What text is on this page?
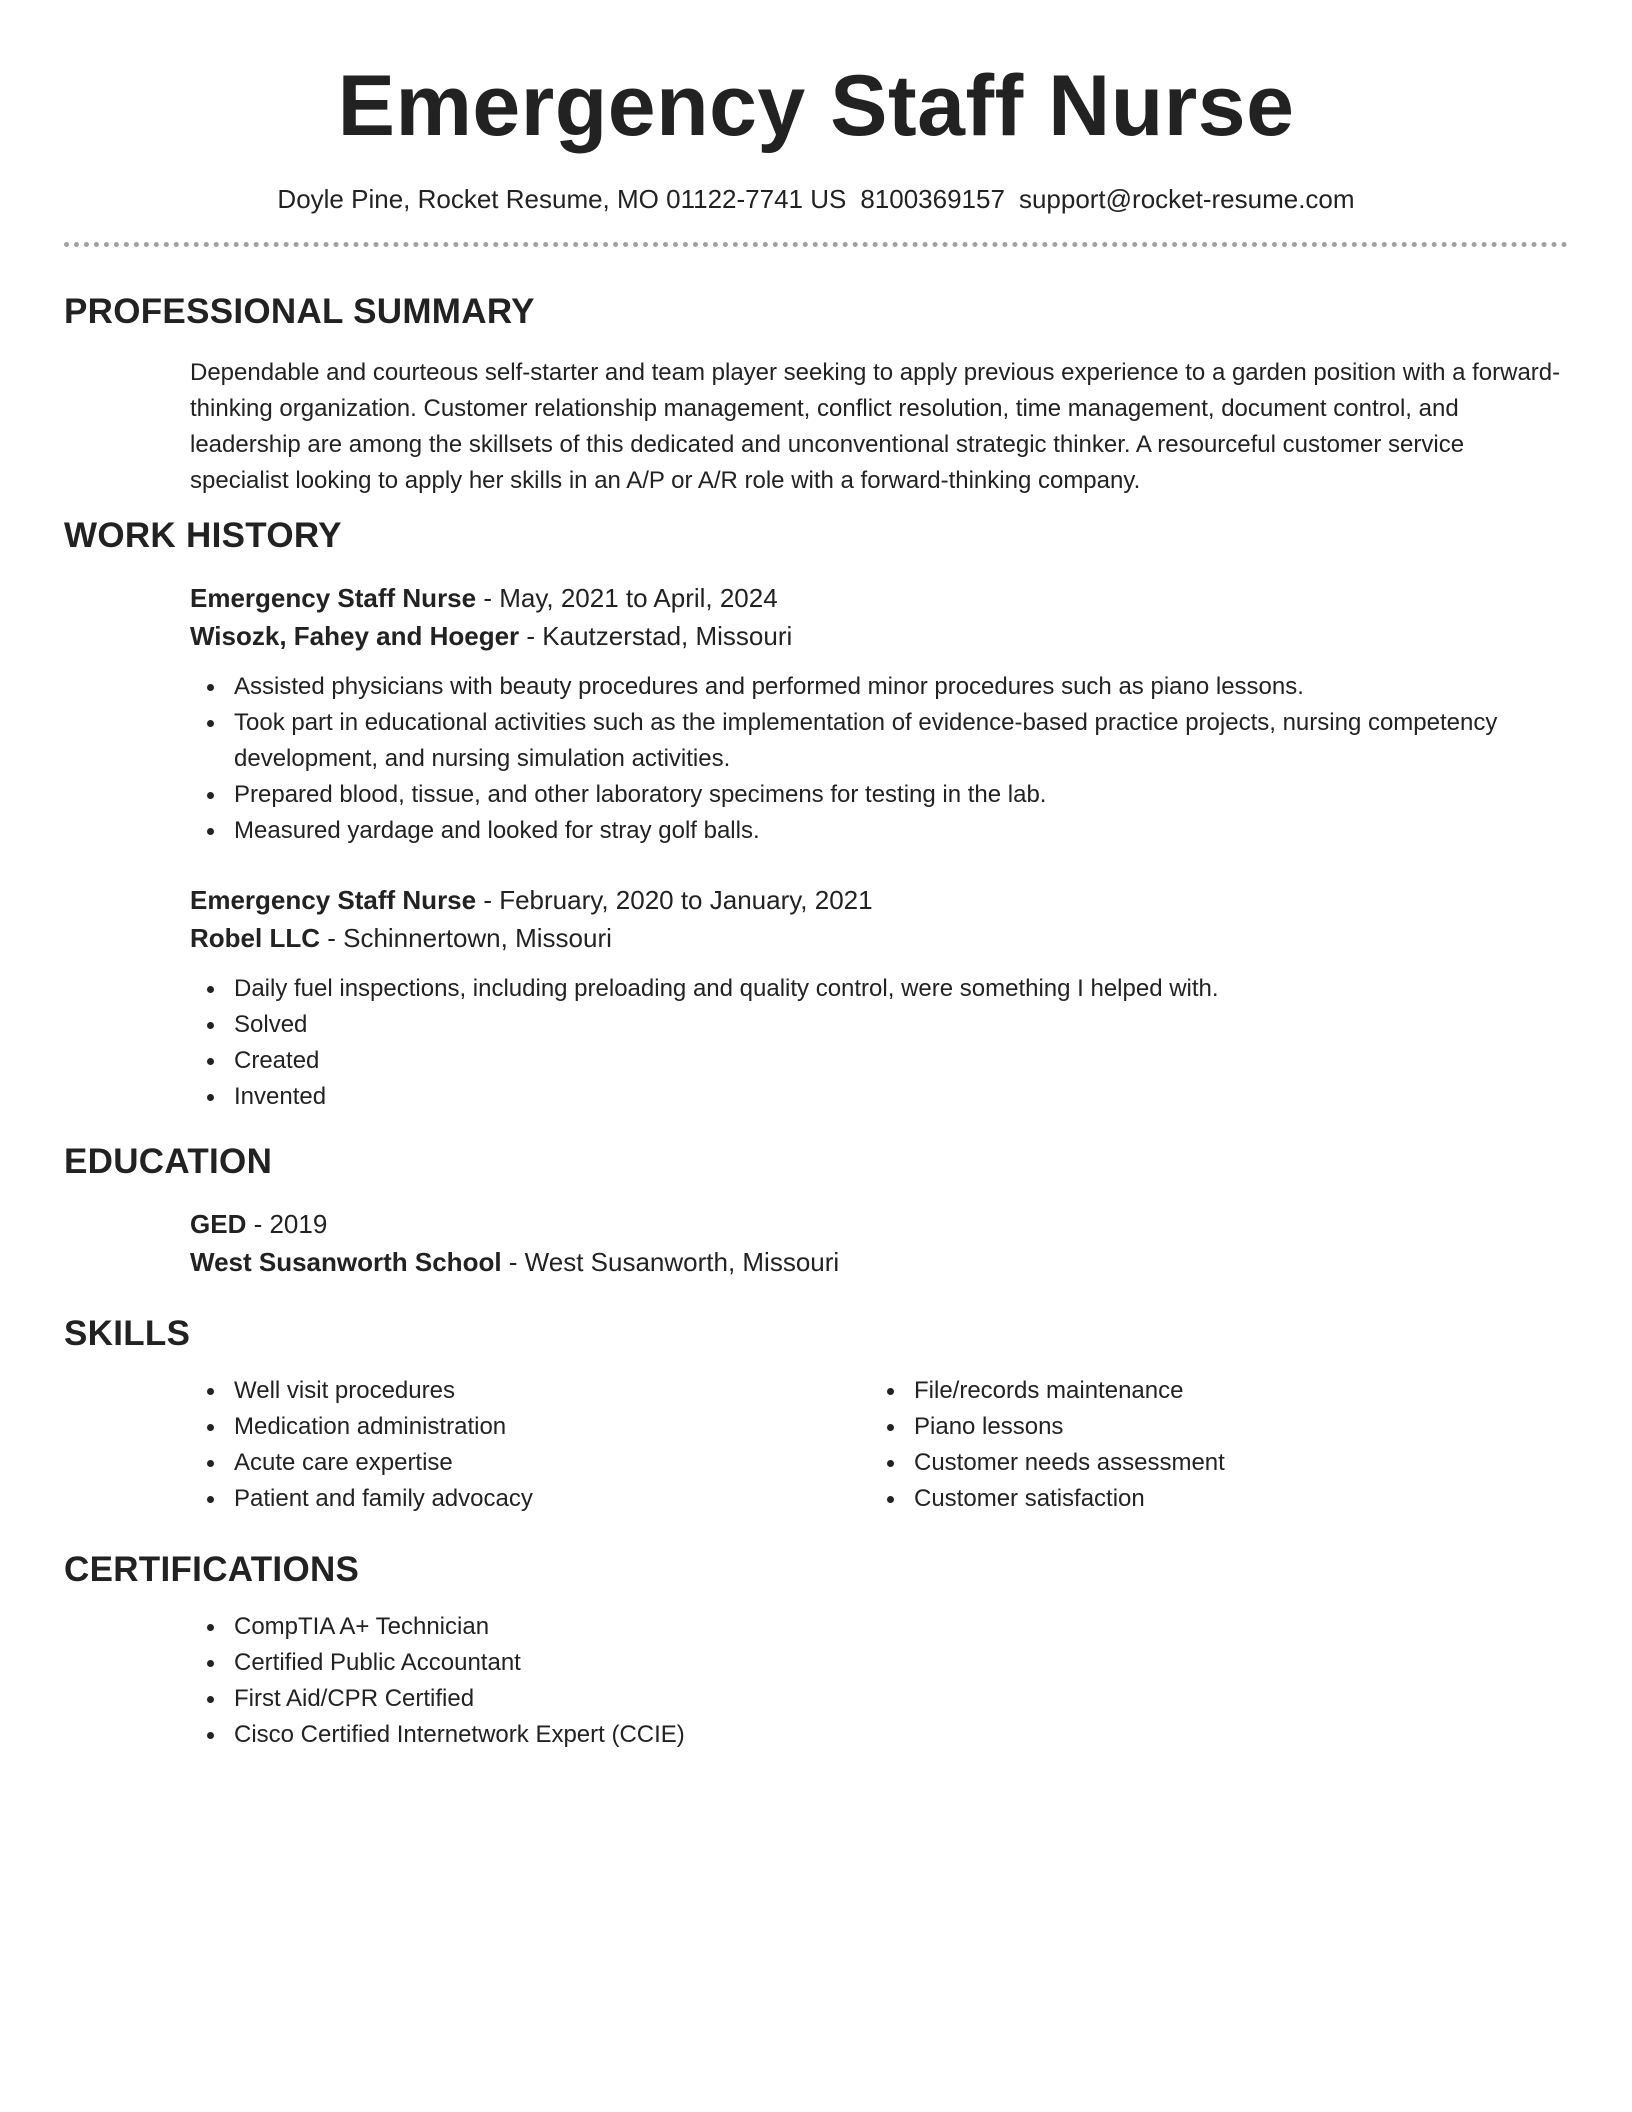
Emergency Staff Nurse
Doyle Pine, Rocket Resume, MO 01122-7741 US 8100369157 support@rocket-resume.com
PROFESSIONAL SUMMARY

Dependable and courteous self-starter and team player seeking to apply previous experience to a garden position with a forward-thinking organization. Customer relationship management, conflict resolution, time management, document control, and leadership are among the skillsets of this dedicated and unconventional strategic thinker. A resourceful customer service specialist looking to apply her skills in an A/P or A/R role with a forward-thinking company.

WORK HISTORY
Emergency Staff Nurse - May, 2021 to April, 2024
Wisozk, Fahey and Hoeger - Kautzerstad, Missouri
Assisted physicians with beauty procedures and performed minor procedures such as piano lessons.
Took part in educational activities such as the implementation of evidence-based practice projects, nursing competency development, and nursing simulation activities.
Prepared blood, tissue, and other laboratory specimens for testing in the lab.
Measured yardage and looked for stray golf balls.
Emergency Staff Nurse - February, 2020 to January, 2021
Robel LLC - Schinnertown, Missouri
Daily fuel inspections, including preloading and quality control, were something I helped with.
Solved
Created
Invented
EDUCATION
GED - 2019
West Susanworth School - West Susanworth, Missouri
SKILLS
Well visit procedures
Medication administration
Acute care expertise
Patient and family advocacy
File/records maintenance
Piano lessons
Customer needs assessment
Customer satisfaction
CERTIFICATIONS
CompTIA A+ Technician
Certified Public Accountant
First Aid/CPR Certified
Cisco Certified Internetwork Expert (CCIE)
